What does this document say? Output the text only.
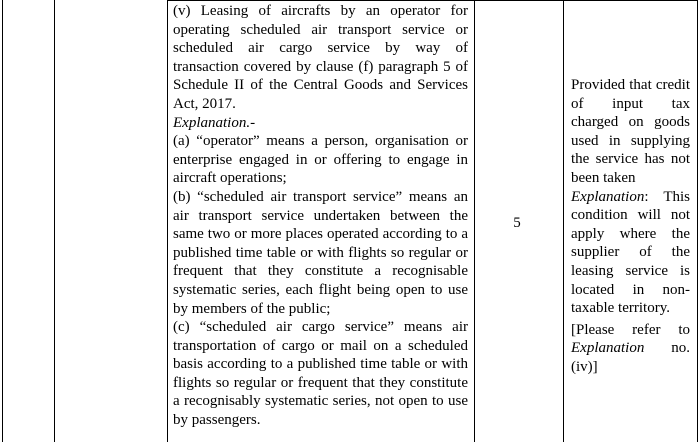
(v) Leasing of aircrafts by an operator for operating scheduled air transport service or scheduled air cargo service by way of transaction covered by clause (f) paragraph 5 of Schedule II of the Central Goods and Services Act, 2017.

Explanation.-

(a) “operator” means a person, organisation or enterprise engaged in or offering to engage in aircraft operations;

(b) “scheduled air transport service” means an air transport service undertaken between the same two or more places operated according to a published time table or with flights so regular or frequent that they constitute a recognisable systematic series, each flight being open to use by members of the public;

(c) “scheduled air cargo service” means air transportation of cargo or mail on a scheduled basis according to a published time table or with flights so regular or frequent that they constitute a recognisably systematic series, not open to use by passengers.

5

Provided that credit of input tax charged on goods used in supplying the service has not been taken

Explanation: This condition will not apply where the supplier of the leasing service is located in non-taxable territory.

[Please refer to Explanation no. (iv)]
